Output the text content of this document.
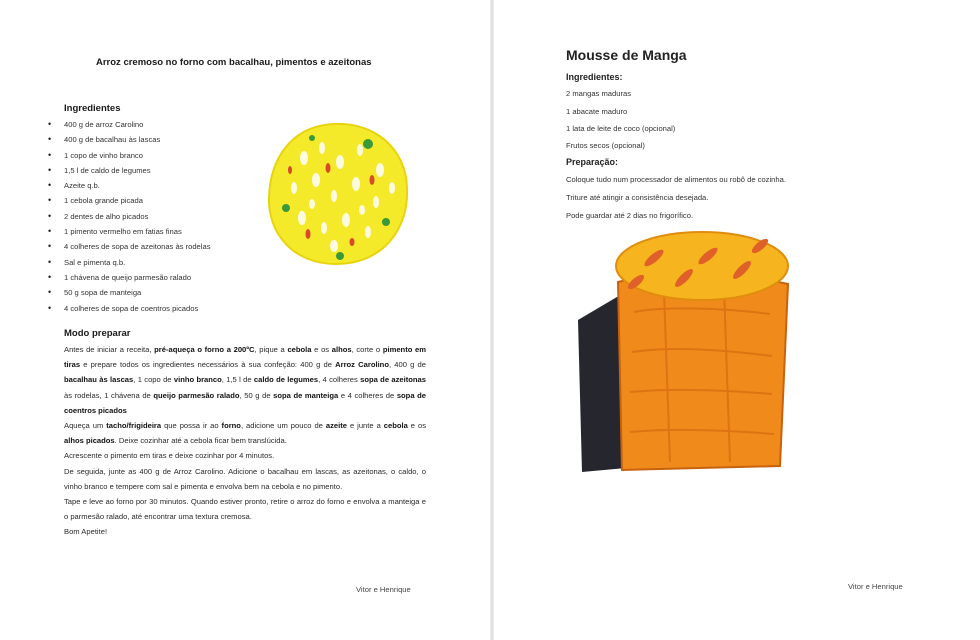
Arroz cremoso no forno com bacalhau, pimentos e azeitonas
Ingredientes
• 400 g de arroz Carolino
• 400 g de bacalhau às lascas
• 1 copo de vinho branco
• 1,5 l de caldo de legumes
• Azeite q.b.
• 1 cebola grande picada
• 2 dentes de alho picados
• 1 pimento vermelho em fatias finas
• 4 colheres de sopa de azeitonas às rodelas
• Sal e pimenta q.b.
• 1 chávena de queijo parmesão ralado
• 50 g sopa de manteiga
• 4 colheres de sopa de coentros picados
Modo preparar

Antes de iniciar a receita, pré-aqueça o forno a 200ºC, pique a cebola e os alhos, corte o pimento em tiras e prepare todos os ingredientes necessários à sua confeção: 400 g de Arroz Carolino, 400 g de bacalhau às lascas, 1 copo de vinho branco, 1,5 l de caldo de legumes, 4 colheres sopa de azeitonas às rodelas, 1 chávena de queijo parmesão ralado, 50 g de sopa de manteiga e 4 colheres de sopa de coentros picados

Aqueça um tacho/frigideira que possa ir ao forno, adicione um pouco de azeite e junte a cebola e os alhos picados. Deixe cozinhar até a cebola ficar bem translúcida.

Acrescente o pimento em tiras e deixe cozinhar por 4 minutos.

De seguida, junte as 400 g de Arroz Carolino. Adicione o bacalhau em lascas, as azeitonas, o caldo, o vinho branco e tempere com sal e pimenta e envolva bem na cebola e no pimento.

Tape e leve ao forno por 30 minutos. Quando estiver pronto, retire o arroz do forno e envolva a manteiga e o parmesão ralado, até encontrar uma textura cremosa.

Bom Apetite!

Vitor e Henrique
Mousse de Manga
Ingredientes:
2 mangas maduras
1 abacate maduro
1 lata de leite de coco (opcional)
Frutos secos (opcional)
Preparação:
Coloque tudo num processador de alimentos ou robô de cozinha.
Triture até atingir a consistência desejada.
Pode guardar até 2 dias no frigorífico.
Vitor e Henrique
